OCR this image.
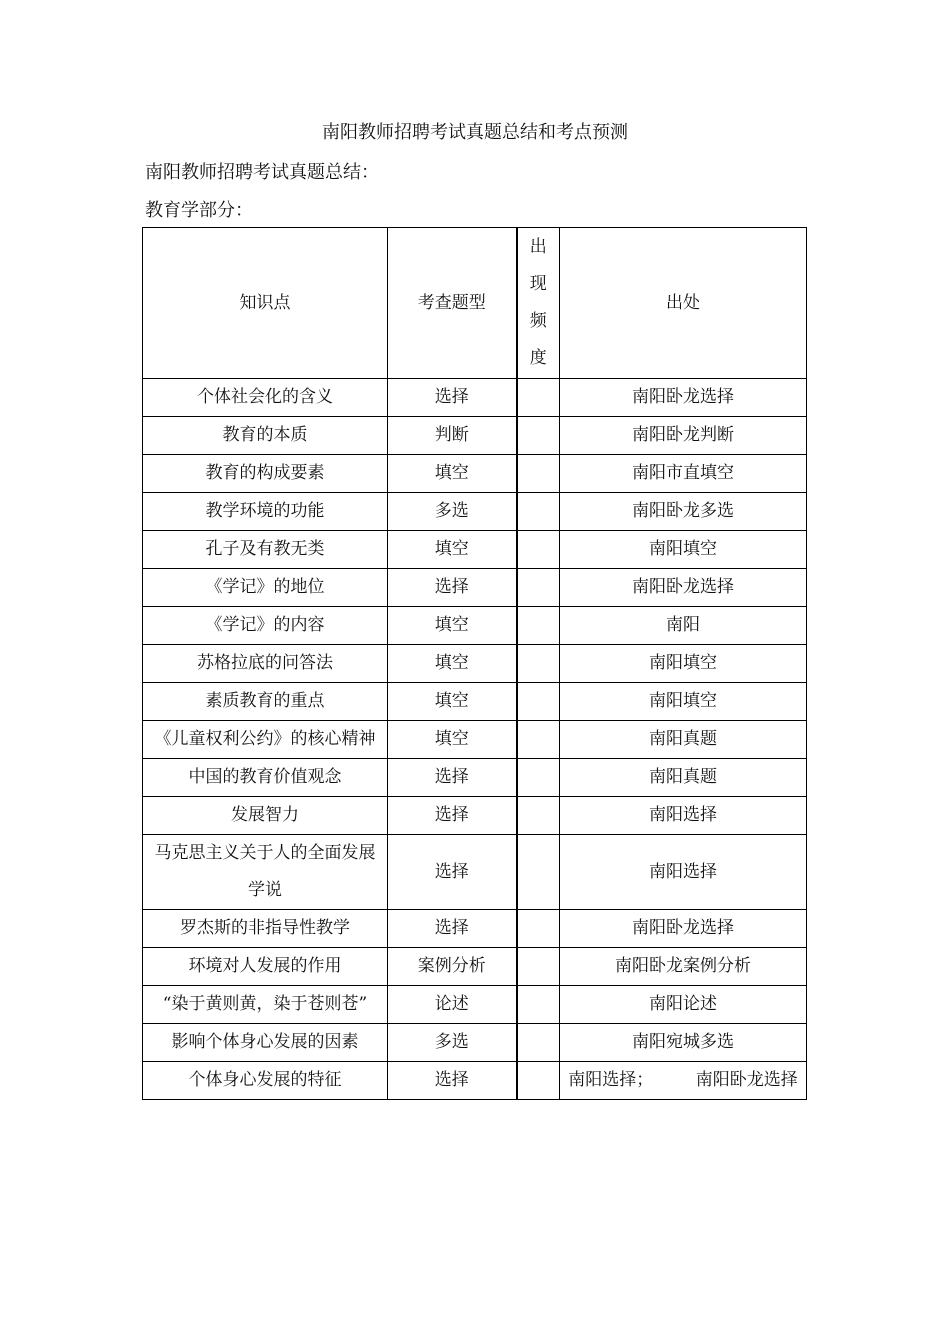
南阳教师招聘考试真题总结和考点预测
南阳教师招聘考试真题总结：
教育学部分：
知识点	考查题型	出
现
频
度	出处
个体社会化的含义	选择		南阳卧龙选择
教育的本质	判断		南阳卧龙判断
教育的构成要素	填空		南阳市直填空
教学环境的功能	多选		南阳卧龙多选
孔子及有教无类	填空		南阳填空
《学记》的地位	选择		南阳卧龙选择
《学记》的内容	填空		南阳
苏格拉底的问答法	填空		南阳填空
素质教育的重点	填空		南阳填空
《儿童权利公约》的核心精神	填空		南阳真题
中国的教育价值观念	选择		南阳真题
发展智力	选择		南阳选择
马克思主义关于人的全面发展学说	选择		南阳选择
罗杰斯的非指导性教学	选择		南阳卧龙选择
环境对人发展的作用	案例分析		南阳卧龙案例分析
“染于黄则黄，染于苍则苍”	论述		南阳论述
影响个体身心发展的因素	多选		南阳宛城多选
个体身心发展的特征	选择		南阳选择；　　　南阳卧龙选择
